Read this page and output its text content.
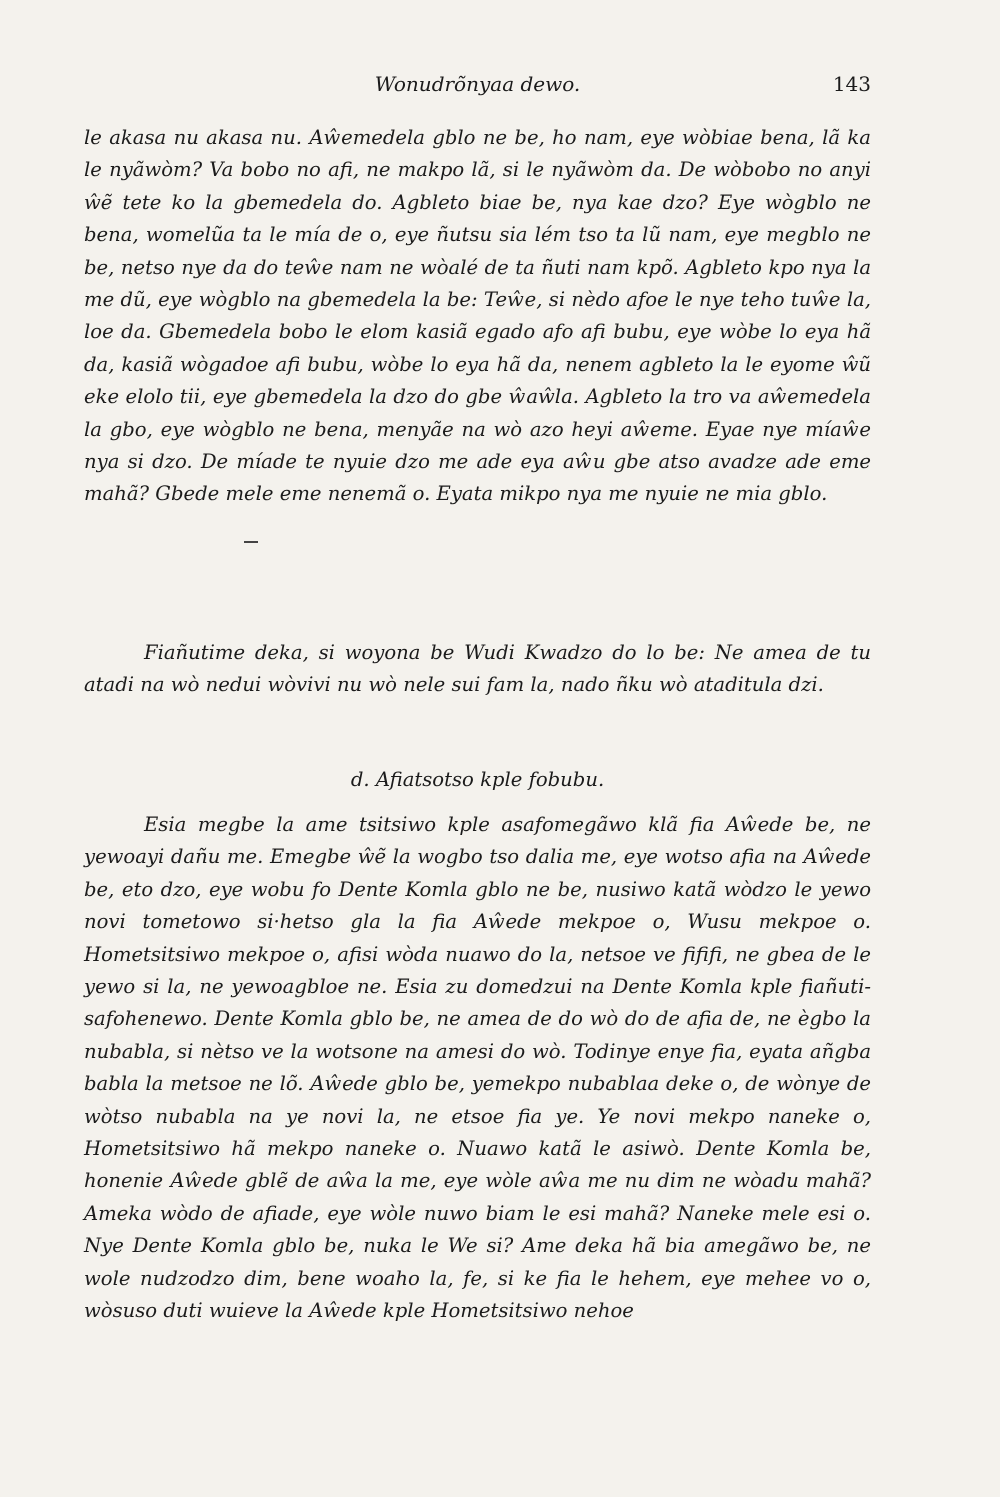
Wonudrõnyaa dewo.	143

le akasa nu akasa nu. Aŵemedela gblo ne be, ho nam, eye wòbiae bena, lã ka le nyãwòm? Va bobo no afi, ne makpo lã, si le nyãwòm da. De wòbobo no anyi ŵẽ tete ko la gbemedela do. Agbleto biae be, nya kae dzo? Eye wògblo ne bena, womelũa ta le mía de o, eye ñutsu sia lém tso ta lũ nam, eye megblo ne be, netso nye da do teŵe nam ne wòalé de ta ñuti nam kpõ. Agbleto kpo nya la me dũ, eye wògblo na gbemedela la be: Teŵe, si nèdo afoe le nye teho tuŵe la, loe da. Gbemedela bobo le elom kasiã egado afo afi bubu, eye wòbe lo eya hã da, kasiã wògadoe afi bubu, wòbe lo eya hã da, nenem agbleto la le eyome ŵũ eke elolo tii, eye gbemedela la dzo do gbe ŵaŵla. Agbleto la tro va aŵemedela la gbo, eye wògblo ne bena, menyãe na wò azo heyi aŵeme. Eyae nye míaŵe nya si dzo. De míade te nyuie dzo me ade eya aŵu gbe atso avadze ade eme mahã? Gbede mele eme nenemã o. Eyata mikpo nya me nyuie ne mia gblo.

Fiañutime deka, si woyona be Wudi Kwadzo do lo be: Ne amea de tu atadi na wò nedui wòvivi nu wò nele sui fam la, nado ñku wò ataditula dzi.

d. Afiatsotso kple fobubu.

Esia megbe la ame tsitsiwo kple asafomegãwo klã fia Aŵede be, ne yewoayi dañu me. Emegbe ŵẽ la wogbo tso dalia me, eye wotso afia na Aŵede be, eto dzo, eye wobu fo Dente Komla gblo ne be, nusiwo katã wòdzo le yewo novi tometowo si·hetso gla la fia Aŵede mekpoe o, Wusu mekpoe o. Hometsitsiwo mekpoe o, afisi wòda nuawo do la, netsoe ve fififi, ne gbea de le yewo si la, ne yewoagbloe ne. Esia zu domedzui na Dente Komla kple fiañuti-safohenewo. Dente Komla gblo be, ne amea de do wò do de afia de, ne ègbo la nubabla, si nètso ve la wotsone na amesi do wò. Todinye enye fia, eyata añgba babla la metsoe ne lõ. Aŵede gblo be, yemekpo nubablaa deke o, de wònye de wòtso nubabla na ye novi la, ne etsoe fia ye. Ye novi mekpo naneke o, Hometsitsiwo hã mekpo naneke o. Nuawo katã le asiwò. Dente Komla be, honenie Aŵede gblẽ de aŵa la me, eye wòle aŵa me nu dim ne wòadu mahã? Ameka wòdo de afiade, eye wòle nuwo biam le esi mahã? Naneke mele esi o. Nye Dente Komla gblo be, nuka le We si? Ame deka hã bia amegãwo be, ne wole nudzodzo dim, bene woaho la, fe, si ke fia le hehem, eye mehee vo o, wòsuso duti wuieve la Aŵede kple Hometsitsiwo nehoe
